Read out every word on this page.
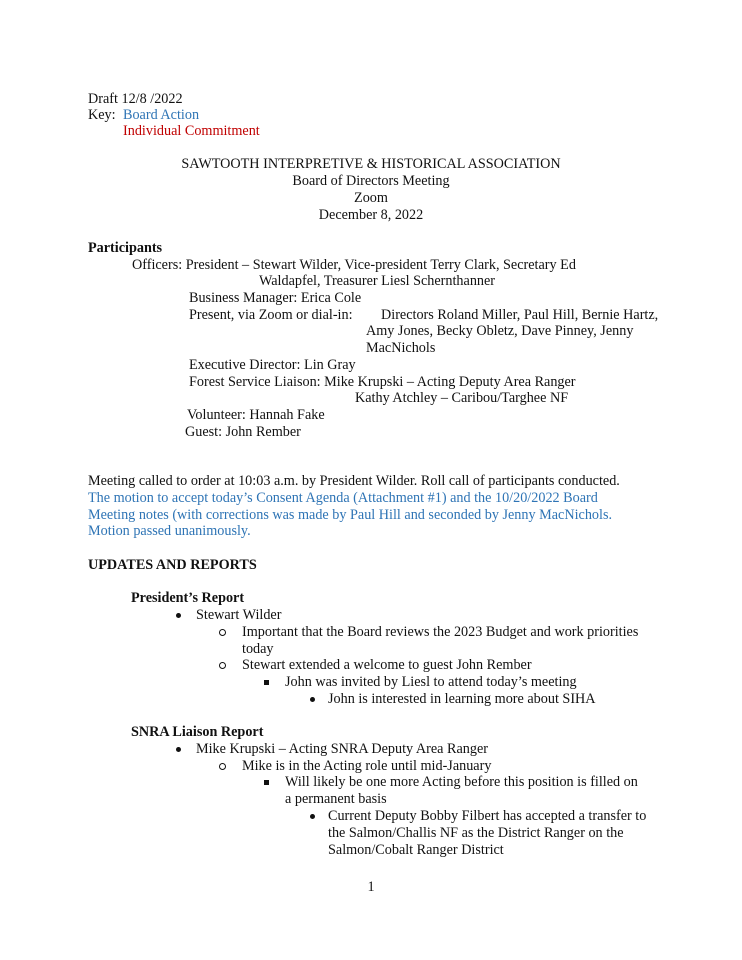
Draft 12/8 /2022
Key: Board Action
Individual Commitment
SAWTOOTH INTERPRETIVE & HISTORICAL ASSOCIATION
Board of Directors Meeting
Zoom
December 8, 2022
Participants
Officers: President – Stewart Wilder, Vice-president Terry Clark, Secretary Ed
Waldapfel, Treasurer Liesl Schernthanner
Business Manager: Erica Cole
Present, via Zoom or dial-in: Directors Roland Miller, Paul Hill, Bernie Hartz,
Amy Jones, Becky Obletz, Dave Pinney, Jenny
MacNichols
Executive Director: Lin Gray
Forest Service Liaison: Mike Krupski – Acting Deputy Area Ranger
Kathy Atchley – Caribou/Targhee NF
Volunteer: Hannah Fake
Guest: John Rember
Meeting called to order at 10:03 a.m. by President Wilder. Roll call of participants conducted.
The motion to accept today’s Consent Agenda (Attachment #1) and the 10/20/2022 Board
Meeting notes (with corrections was made by Paul Hill and seconded by Jenny MacNichols.
Motion passed unanimously.
UPDATES AND REPORTS
President’s Report
Stewart Wilder
Important that the Board reviews the 2023 Budget and work priorities
today
Stewart extended a welcome to guest John Rember
John was invited by Liesl to attend today’s meeting
John is interested in learning more about SIHA
SNRA Liaison Report
Mike Krupski – Acting SNRA Deputy Area Ranger
Mike is in the Acting role until mid-January
Will likely be one more Acting before this position is filled on
a permanent basis
Current Deputy Bobby Filbert has accepted a transfer to
the Salmon/Challis NF as the District Ranger on the
Salmon/Cobalt Ranger District
1
